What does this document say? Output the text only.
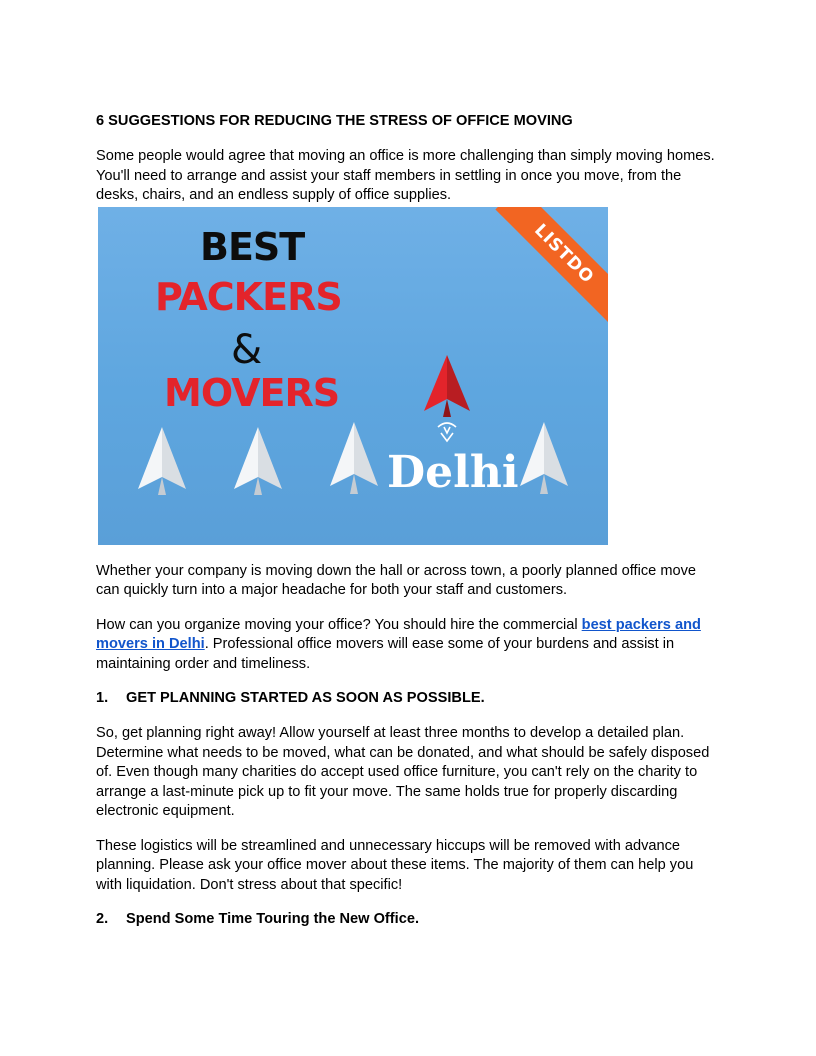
6 SUGGESTIONS FOR REDUCING THE STRESS OF OFFICE MOVING

Some people would agree that moving an office is more challenging than simply moving homes. You'll need to arrange and assist your staff members in settling in once you move, from the desks, chairs, and an endless supply of office supplies.

BEST
PACKERS
&
MOVERS
Delhi
LISTDO

Whether your company is moving down the hall or across town, a poorly planned office move can quickly turn into a major headache for both your staff and customers.

How can you organize moving your office? You should hire the commercial best packers and movers in Delhi. Professional office movers will ease some of your burdens and assist in maintaining order and timeliness.

1.	GET PLANNING STARTED AS SOON AS POSSIBLE.

So, get planning right away! Allow yourself at least three months to develop a detailed plan. Determine what needs to be moved, what can be donated, and what should be safely disposed of. Even though many charities do accept used office furniture, you can't rely on the charity to arrange a last-minute pick up to fit your move. The same holds true for properly discarding electronic equipment.

These logistics will be streamlined and unnecessary hiccups will be removed with advance planning. Please ask your office mover about these items. The majority of them can help you with liquidation. Don't stress about that specific!

2.	Spend Some Time Touring the New Office.
